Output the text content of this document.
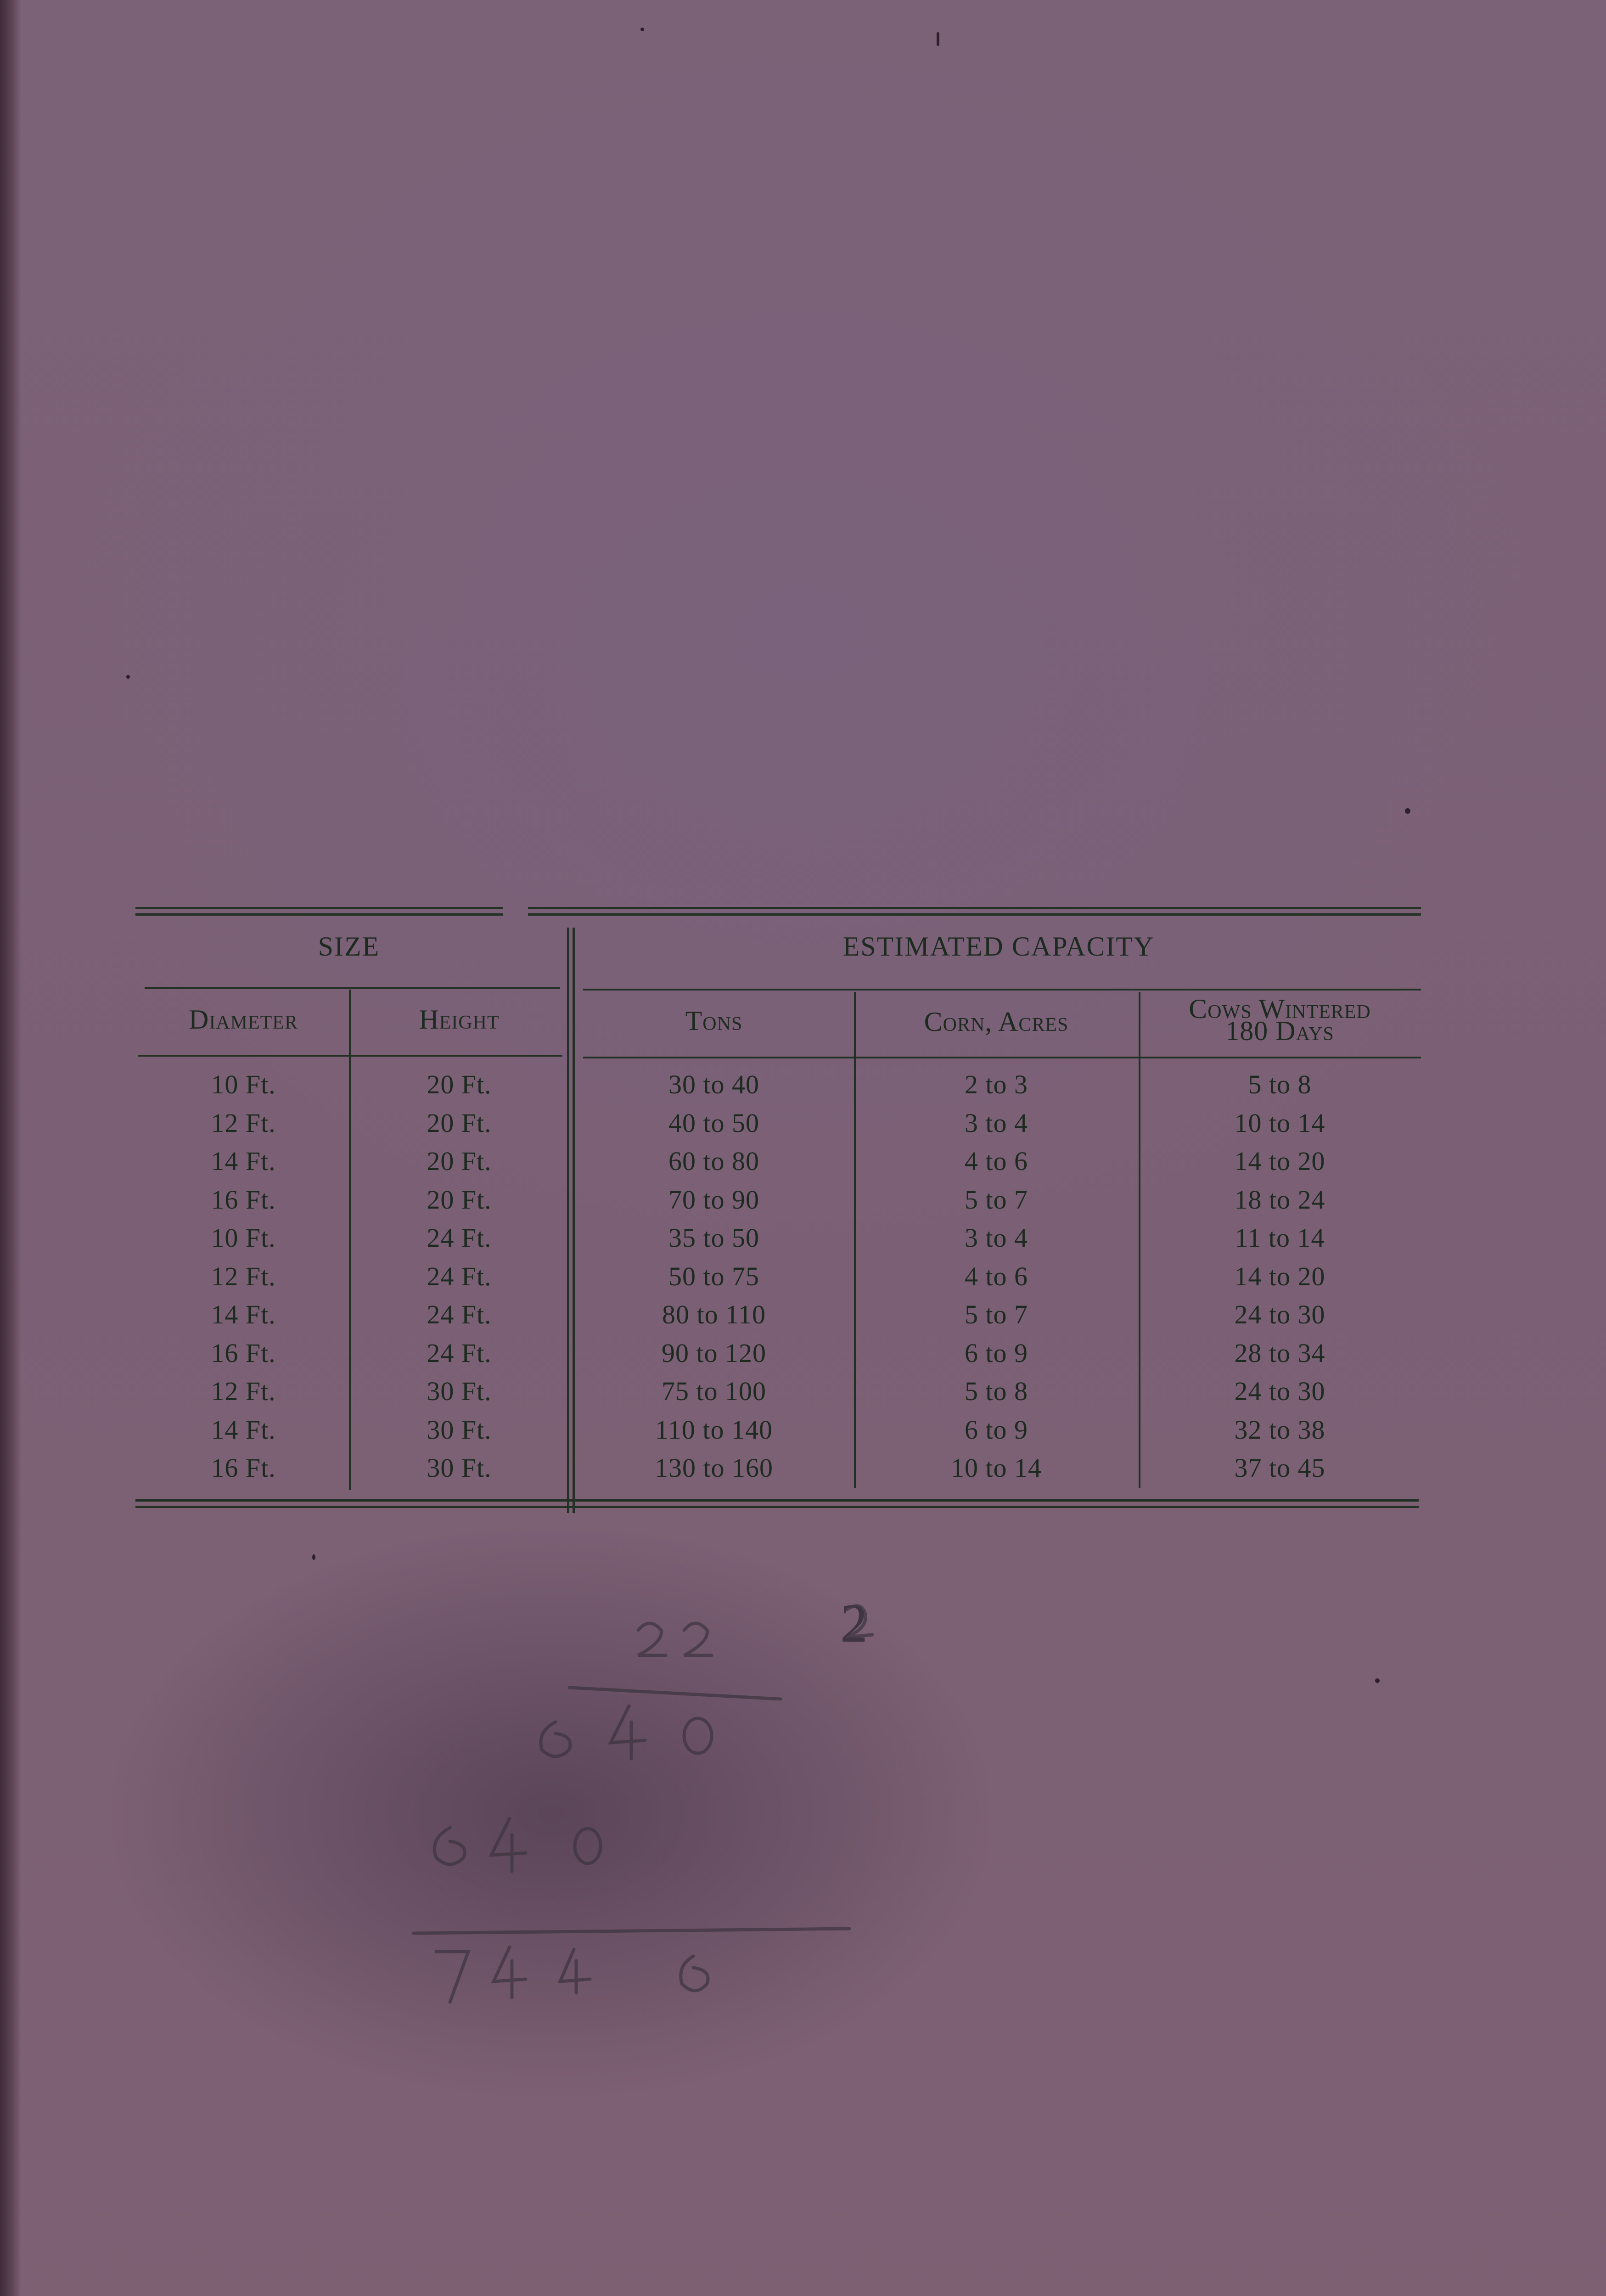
SIZE	ESTIMATED CAPACITY
Diameter	Height	Tons	Corn, Acres	Cows Wintered
180 Days
10 Ft.	20 Ft.	30 to 40	2 to 3	5 to 8
12 Ft.	20 Ft.	40 to 50	3 to 4	10 to 14
14 Ft.	20 Ft.	60 to 80	4 to 6	14 to 20
16 Ft.	20 Ft.	70 to 90	5 to 7	18 to 24
10 Ft.	24 Ft.	35 to 50	3 to 4	11 to 14
12 Ft.	24 Ft.	50 to 75	4 to 6	14 to 20
14 Ft.	24 Ft.	80 to 110	5 to 7	24 to 30
16 Ft.	24 Ft.	90 to 120	6 to 9	28 to 34
12 Ft.	30 Ft.	75 to 100	5 to 8	24 to 30
14 Ft.	30 Ft.	110 to 140	6 to 9	32 to 38
16 Ft.	30 Ft.	130 to 160	10 to 14	37 to 45
2
